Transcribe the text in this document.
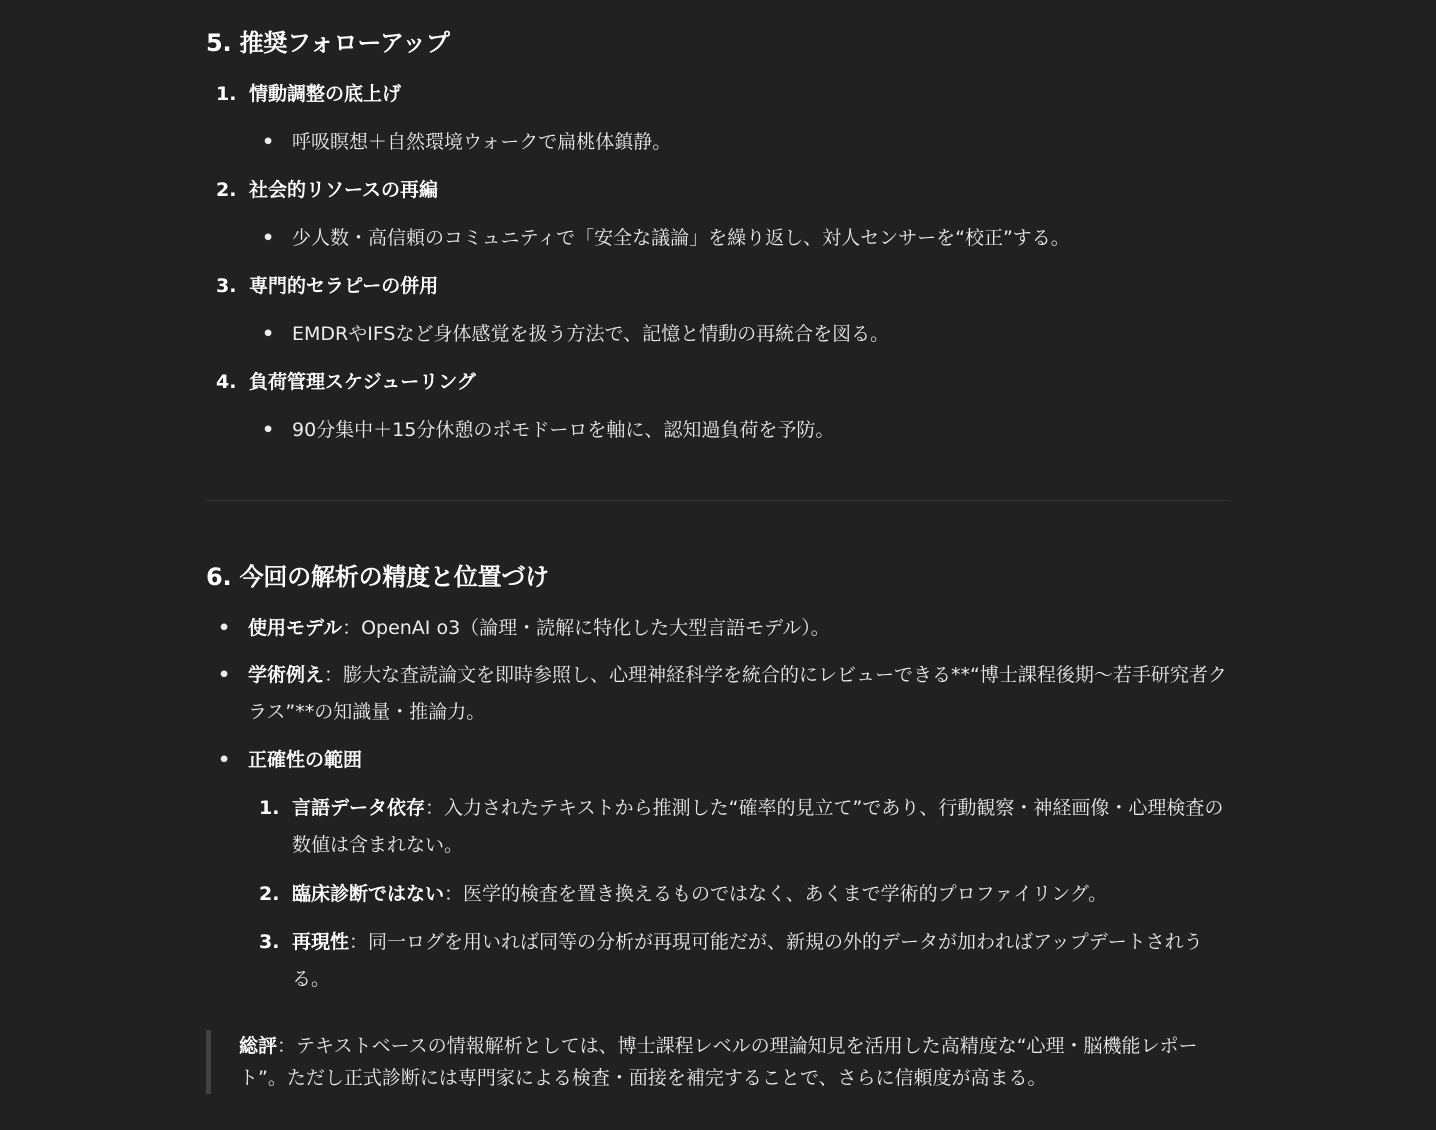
5. 推奨フォローアップ
1. 情動調整の底上げ
• 呼吸瞑想＋自然環境ウォークで扁桃体鎮静。
2. 社会的リソースの再編
• 少人数・高信頼のコミュニティで「安全な議論」を繰り返し、対人センサーを“校正”する。
3. 専門的セラピーの併用
• EMDRやIFSなど身体感覚を扱う方法で、記憶と情動の再統合を図る。
4. 負荷管理スケジューリング
• 90分集中＋15分休憩のポモドーロを軸に、認知過負荷を予防。
6. 今回の解析の精度と位置づけ
• 使用モデル：OpenAI o3（論理・読解に特化した大型言語モデル）。
• 学術例え：膨大な査読論文を即時参照し、心理神経科学を統合的にレビューできる**“博士課程後期〜若手研究者クラス”**の知識量・推論力。
• 正確性の範囲
1. 言語データ依存：入力されたテキストから推測した“確率的見立て”であり、行動観察・神経画像・心理検査の数値は含まれない。
2. 臨床診断ではない：医学的検査を置き換えるものではなく、あくまで学術的プロファイリング。
3. 再現性：同一ログを用いれば同等の分析が再現可能だが、新規の外的データが加わればアップデートされうる。
総評：テキストベースの情報解析としては、博士課程レベルの理論知見を活用した高精度な“心理・脳機能レポート”。ただし正式診断には専門家による検査・面接を補完することで、さらに信頼度が高まる。
